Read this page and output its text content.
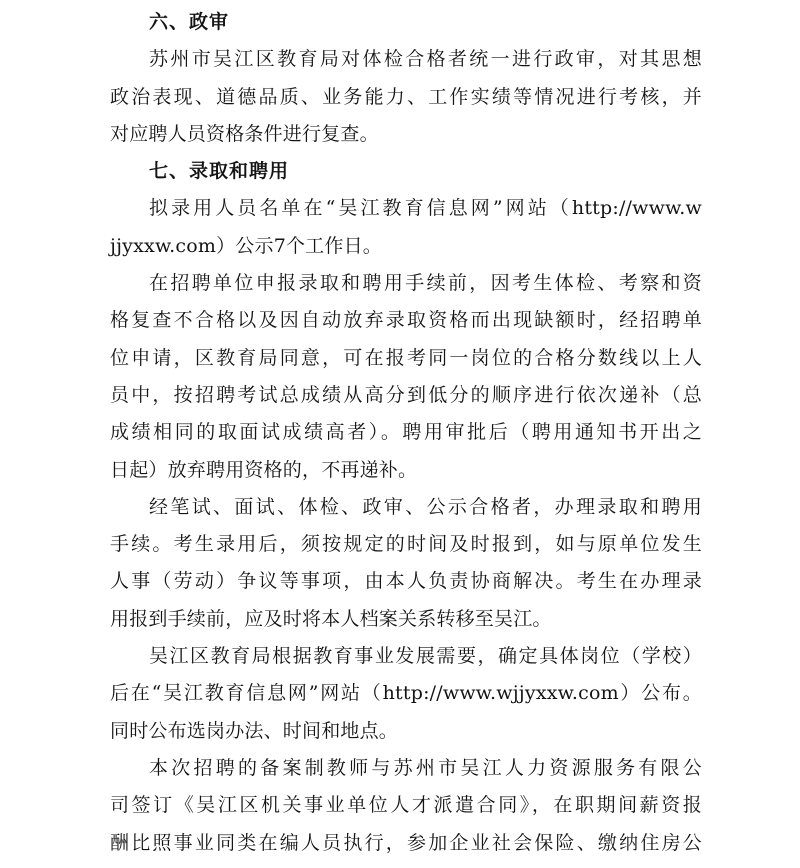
六、政审
苏州市吴江区教育局对体检合格者统一进行政审，对其思想
政治表现、道德品质、业务能力、工作实绩等情况进行考核，并
对应聘人员资格条件进行复查。
七、录取和聘用
拟录用人员名单在“吴江教育信息网”网站（http://www.w
jjyxxw.com）公示7个工作日。
在招聘单位申报录取和聘用手续前，因考生体检、考察和资
格复查不合格以及因自动放弃录取资格而出现缺额时，经招聘单
位申请，区教育局同意，可在报考同一岗位的合格分数线以上人
员中，按招聘考试总成绩从高分到低分的顺序进行依次递补（总
成绩相同的取面试成绩高者）。聘用审批后（聘用通知书开出之
日起）放弃聘用资格的，不再递补。
经笔试、面试、体检、政审、公示合格者，办理录取和聘用
手续。考生录用后，须按规定的时间及时报到，如与原单位发生
人事（劳动）争议等事项，由本人负责协商解决。考生在办理录
用报到手续前，应及时将本人档案关系转移至吴江。
吴江区教育局根据教育事业发展需要，确定具体岗位（学校）
后在“吴江教育信息网”网站（http://www.wjjyxxw.com）公布。
同时公布选岗办法、时间和地点。
本次招聘的备案制教师与苏州市吴江人力资源服务有限公
司签订《吴江区机关事业单位人才派遣合同》，在职期间薪资报
酬比照事业同类在编人员执行，参加企业社会保险、缴纳住房公
